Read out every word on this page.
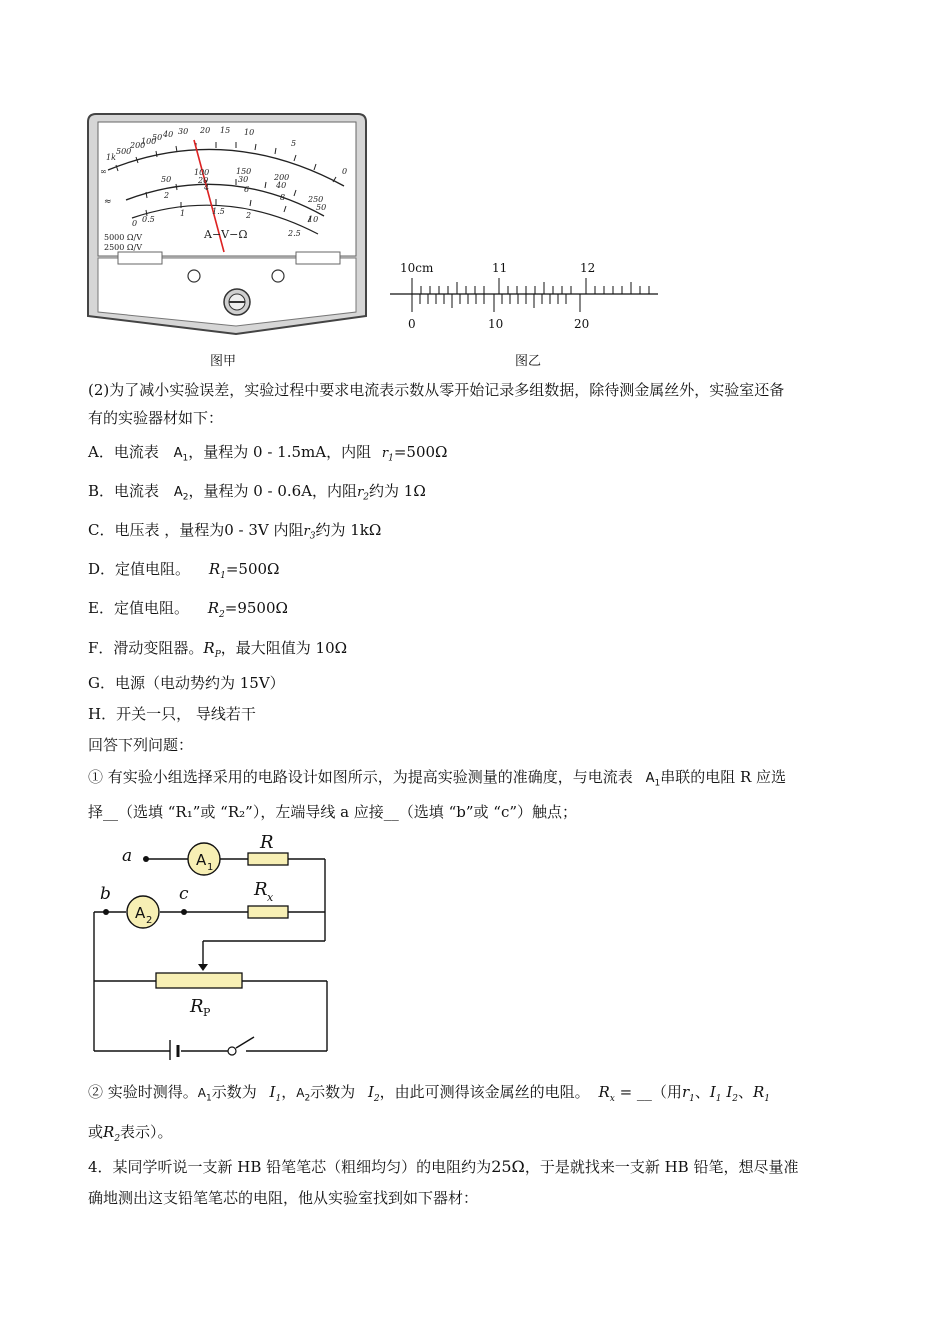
∞
1k
500
200
100
50 40 30 20 15 10
5
0
50
100	150
200
250
20	30
40
50
2
4	6
8
10
0 0.5
1	1.5	2
2.5
≈
5000 Ω/V
2500 Ω/V
A−V−Ω
图甲
10cm	11	12
0	10	20
图乙
(2)为了减小实验误差，实验过程中要求电流表示数从零开始记录多组数据，除待测金属丝外，实验室还备
有的实验器材如下：
A．电流表 $A_1$，量程为 0 - 1.5mA，内阻 $r_1=500\Omega$
B．电流表 $A_2$，量程为 0 - 0.6A，内阻$r_2$约为 1Ω
C．电压表 ，量程为0 - 3V 内阻$r_3$约为 1kΩ
D．定值电阻。 $R_1=500\Omega$
E．定值电阻。 $R_2=9500\Omega$
F．滑动变阻器。$R_P$，最大阻值为 10Ω
G．电源（电动势约为 15V）
H．开关一只， 导线若干
回答下列问题：
① 有实验小组选择采用的电路设计如图所示，为提高实验测量的准确度，与电流表 $A_1$串联的电阻 R 应选
择__（选填 “R₁”或 “R₂”），左端导线 a 应接__（选填 “b”或 “c”）触点；
a
b	c
R
R x
R P
A 1
A 2
② 实验时测得。$A_1$示数为 $I_1$，$A_2$示数为 $I_2$，由此可测得该金属丝的电阻。 $R_x$ = __（用$r_1$、$I_1$ $I_2$、$R_1$
或$R_2$表示）。
4．某同学听说一支新 HB 铅笔笔芯（粗细均匀）的电阻约为25Ω，于是就找来一支新 HB 铅笔，想尽量准
确地测出这支铅笔笔芯的电阻，他从实验室找到如下器材：
